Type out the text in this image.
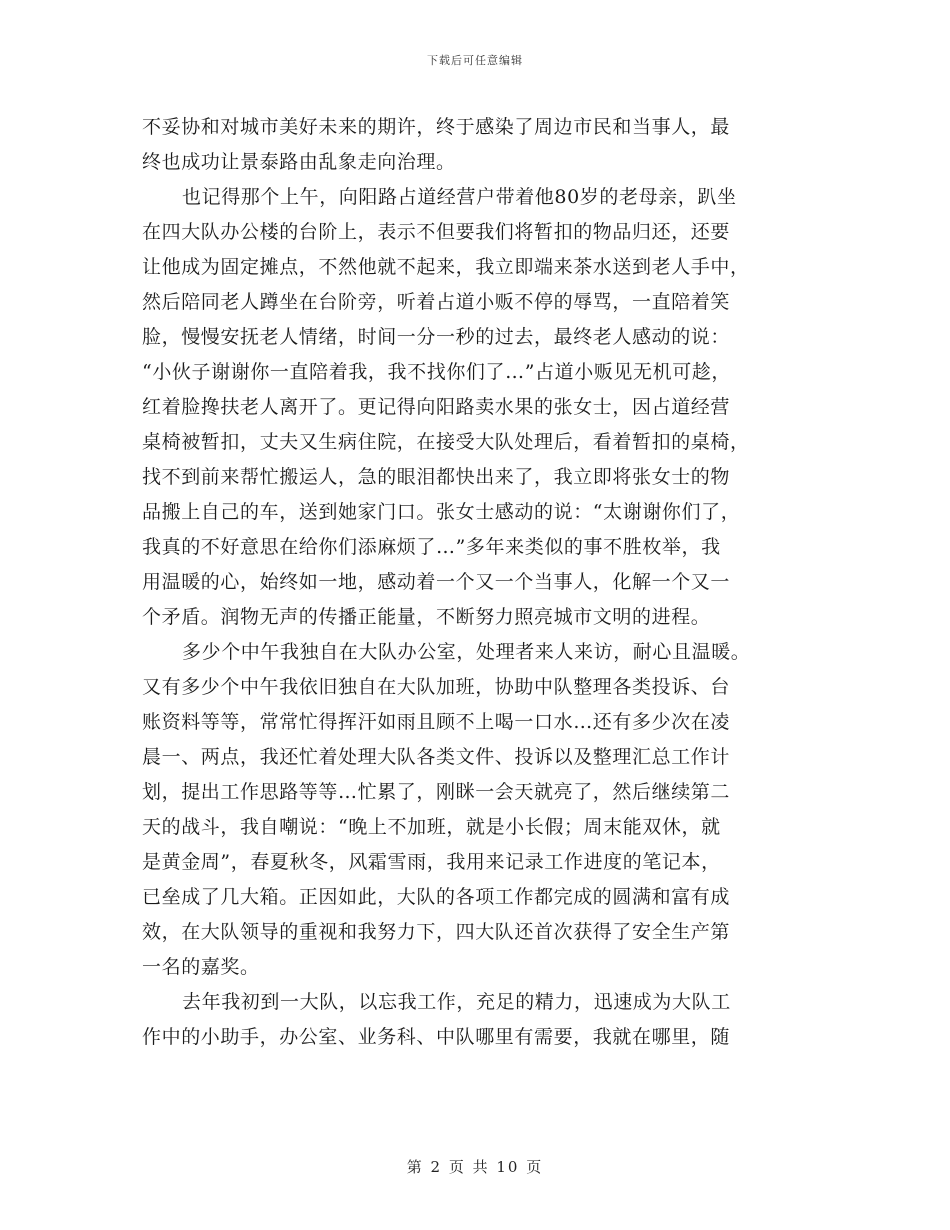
下载后可任意编辑
不妥协和对城市美好未来的期许，终于感染了周边市民和当事人，最
终也成功让景泰路由乱象走向治理。
也记得那个上午，向阳路占道经营户带着他80岁的老母亲，趴坐
在四大队办公楼的台阶上，表示不但要我们将暂扣的物品归还，还要
让他成为固定摊点，不然他就不起来，我立即端来茶水送到老人手中，
然后陪同老人蹲坐在台阶旁，听着占道小贩不停的辱骂，一直陪着笑
脸，慢慢安抚老人情绪，时间一分一秒的过去，最终老人感动的说：
“小伙子谢谢你一直陪着我，我不找你们了…”占道小贩见无机可趁，
红着脸搀扶老人离开了。更记得向阳路卖水果的张女士，因占道经营
桌椅被暂扣，丈夫又生病住院，在接受大队处理后，看着暂扣的桌椅，
找不到前来帮忙搬运人，急的眼泪都快出来了，我立即将张女士的物
品搬上自己的车，送到她家门口。张女士感动的说：“太谢谢你们了，
我真的不好意思在给你们添麻烦了…”多年来类似的事不胜枚举，我
用温暖的心，始终如一地，感动着一个又一个当事人，化解一个又一
个矛盾。润物无声的传播正能量，不断努力照亮城市文明的进程。
多少个中午我独自在大队办公室，处理者来人来访，耐心且温暖。
又有多少个中午我依旧独自在大队加班，协助中队整理各类投诉、台
账资料等等，常常忙得挥汗如雨且顾不上喝一口水…还有多少次在凌
晨一、两点，我还忙着处理大队各类文件、投诉以及整理汇总工作计
划，提出工作思路等等…忙累了，刚眯一会天就亮了，然后继续第二
天的战斗，我自嘲说：“晚上不加班，就是小长假；周末能双休，就
是黄金周”，春夏秋冬，风霜雪雨，我用来记录工作进度的笔记本，
已垒成了几大箱。正因如此，大队的各项工作都完成的圆满和富有成
效，在大队领导的重视和我努力下，四大队还首次获得了安全生产第
一名的嘉奖。
去年我初到一大队，以忘我工作，充足的精力，迅速成为大队工
作中的小助手，办公室、业务科、中队哪里有需要，我就在哪里，随
第 2 页 共 10 页
